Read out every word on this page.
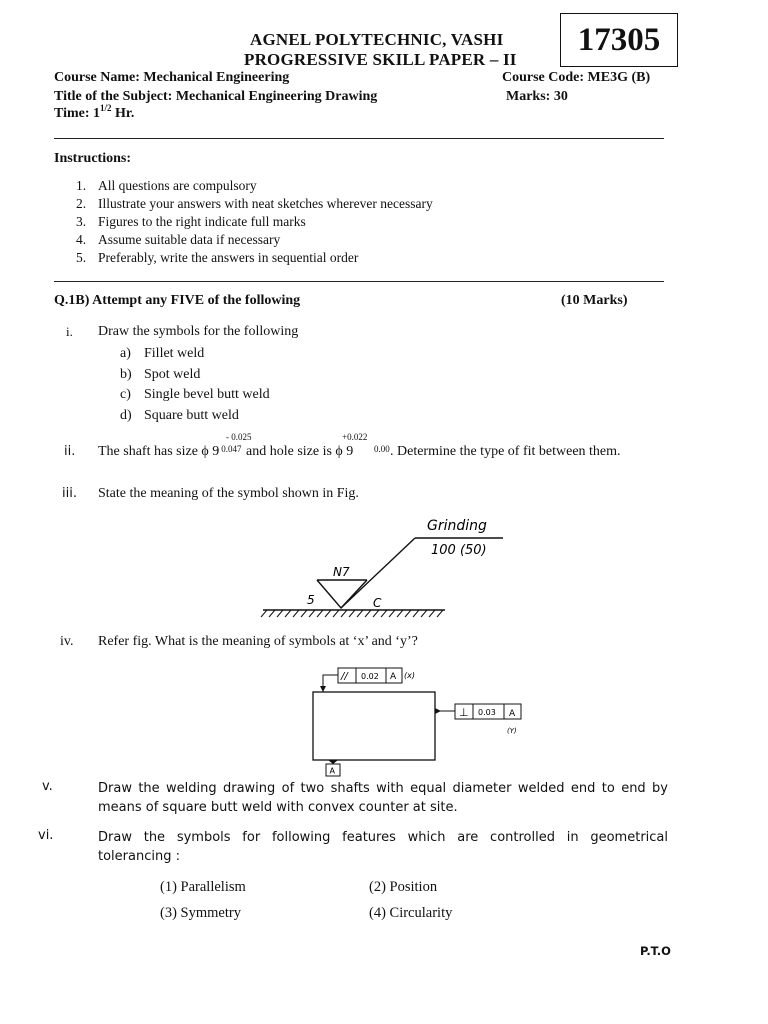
17305
AGNEL POLYTECHNIC, VASHI
PROGRESSIVE SKILL PAPER – II
Course Name: Mechanical Engineering	Course Code: ME3G (B)
Title of the Subject: Mechanical Engineering Drawing	Marks: 30
Time: $1^{1/2}$ Hr.
Instructions:
1. All questions are compulsory
2. Illustrate your answers with neat sketches wherever necessary
3. Figures to the right indicate full marks
4. Assume suitable data if necessary
5. Preferably, write the answers in sequential order
Q.1B) Attempt any FIVE of the following	(10 Marks)
i. Draw the symbols for the following
a) Fillet weld
b) Spot weld
c) Single bevel butt weld
d) Square butt weld
ii. The shaft has size ϕ 9
- 0.025
- 0.047 and hole size is ϕ 9
+0.022
0.00 . Determine the type of fit between them.
iii. State the meaning of the symbol shown in Fig.
Grinding
100 (50)
N7
5	C
iv. Refer fig. What is the meaning of symbols at ‘x’ and ‘y’?
// 0.02 A (x)
⊥ 0.03 A
(Y)
A
v.	Draw the welding drawing of two shafts with equal diameter welded end to end by means of square butt weld with convex counter at site.
vi.	Draw the symbols for following features which are controlled in geometrical tolerancing :
(1) Parallelism	(2) Position
(3) Symmetry	(4) Circularity
P.T.O
